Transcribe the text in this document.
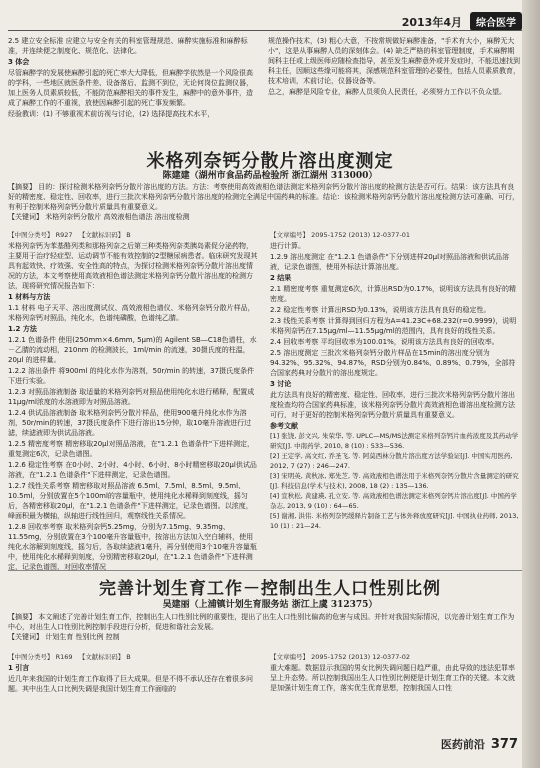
2013年4月	综合医学

2.5 建立安全标准 应建立与安全有关的科室管理规范、麻醉实施标准和麻醉标准，并连续便之制度化、规范化、法律化。

3 体会

尽管麻醉学的发展使麻醉引起的死亡率大大降低，但麻醉学依然是一个风险很高的学科，一些地区就医条件差、设备落后、监测不到位，无论何岗位监测仪器，加上医务人员素质较低，不能防范麻醉相关的事件发生，麻醉中的意外事件，造成了麻醉工作的不重视，放使因麻醉引起的死亡事发频繁。

经验教训：(1) 不够重视术前访视与讨论，(2) 选择提高技术水平，

规范操作技术，(3) 粗心大意，不按常规做好麻醉准备，"手术有大小，麻醉无大小"，这是从事麻醉人员的深刻体会。(4) 缺乏严格的科室管理制度，手术麻醉期间科主任或上级医师应随检查指导，甚至发生麻醉意外或并发症时，不能迅速找到科主任，因顺这些缘可能将其，深感规范科室管理的必要性，包括人员素质教育，技术培训，术前讨论，仪器设备等。

总之，麻醉是风险专业，麻醉人员须负人民责任，必须努力工作以不负众望。

米格列奈钙分散片溶出度测定
陈建建（湖州市食品药品检验所 浙江湖州 313000）

【摘要】 目的：探讨检测米格列奈钙分散片溶出度的方法。方法：考察使用高效液相色谱法测定米格列奈钙分散片溶出度的检测方法是否可行。结果：该方法具有良好的精密度、稳定性、回收率，进行三批次米格列奈钙分散片溶出度的检测完全满足中国药典的标准。结论：该检测米格列奈钙分散片溶出度检测方法可准确、可行，有利于控制米格列奈钙分散片质量具有重要意义。

【关键词】 米格列奈钙分散片 高效液相色谱法 溶出度检测

【中图分类号】 R927 【文献标识码】 B

米格列奈钙为苯基酪列类和那格列奈之后第三种类格列奈类胰岛素促分泌药物，主要用于治疗轻症型、运动调节不能有效控制的2型糖尿病患者。临床研究发现其具有起效快、疗效强、安全性高的特点，为探讨检测米格列奈钙分散片溶出度情况的方法，本文考察使用高效液相色谱法测定米格列奈钙分散片溶出度的检测方法，现将研究情况报告如下：

1 材料与方法

1.1 材料 电子天平、溶出度测试仪、高效液相色谱仪、米格列奈钙分散片样品，米格列奈钙对照品，纯化水，色谱纯磷酸，色谱纯乙腈。

1.2 方法

1.2.1 色谱条件 使用(250mm×4.6mm, 5μm)的 Agilent SB—C18色谱柱，水－乙腈的流动相，210nm 的检测波长，1ml/min 的流速，30摄氏度的柱温，20μl 的进样量。

1.2.2 溶出条件 将900ml 的纯化水作为溶剂，50r/min 的转速，37摄氏度条件下进行实验。

1.2.3 对照品溶液制备 取适量的米格列奈钙对照品使用纯化水进行稀释，配置成11μg/ml浓度的水溶液即为对照品溶液。

1.2.4 供试品溶液制备 取米格列奈钙分散片样品，使用900毫升纯化水作为溶剂，50r/min的转速，37摄氏度条件下进行溶出15分钟，取10毫升溶液进行过滤，续滤液即为供试品溶液。

1.2.5 精密度考察 精密移取20μl对照品溶液，在"1.2.1 色谱条件"下进样测定，重复测定6次，记录色谱图。

1.2.6 稳定性考察 在0小时、2小时、4小时、6小时、8小时精密移取20μl供试品溶液，在"1.2.1 色谱条件"下进样测定，记录色谱图。

1.2.7 线性关系考察 精密移取对照品溶液 6.5ml、7.5ml、8.5ml、9.5ml、10.5ml，分别放置在5个100ml的容量瓶中，使用纯化水稀释到刻度线，摇匀后，各精密移取20μl，在"1.2.1 色谱条件"下进样测定，记录色谱图。以浓度，峰面积最为横轴，纵轴进行线性回归，观察线性关系情况。

1.2.8 回收率考察 取米格列奈钙5.25mg，分别为7.15mg、9.35mg、11.55mg，分别放置在3个100毫升容量瓶中，按溶出方法加入空白辅料，使用纯化水溶解到刻度线，摇匀后，各取续滤液1毫升，再分别使用3个10毫升容量瓶中，使用纯化水稀释到刻度，分别精密移取20μl，在"1.2.1 色谱条件"下进样测定，记录色谱图，对回收率情况

【文章编号】 2095-1752 (2013) 12-0377-01

进行计算。

1.2.9 溶出度测定 在"1.2.1 色谱条件"下分别进样20μl对照品溶液和供试品溶液，记录色谱图，使用外标法计算溶出度。

2 结果

2.1 精密度考察 重复测定6次，计算出RSD为0.17%，说明该方法具有良好的精密度。

2.2 稳定性考察 计算出RSD为0.13%，说明该方法具有良好的稳定性。

2.3 线性关系考察 计算得到回归方程为A=41.23C+68.232(r=0.9999)，说明米格列奈钙在7.15μg/ml—11.55μg/ml的范围内，具有良好的线性关系。

2.4 回收率考察 平均回收率为100.01%，说明该方法具有良好的回收率。

2.5 溶出度测定 三批次米格列奈钙分散片样品在15min的溶出度分别为94.32%、95.32%、94.87%，RSD分别为0.84%、0.89%、0.79%，全部符合国家药典对分散片的溶出度规定。

3 讨论

此方法具有良好的精密度、稳定性、回收率，进行三批次米格列奈钙分散片溶出度检查均符合国家药典标准，该米格列奈钙分散片高效液相色谱溶出度检测方法可行，对于更好的控制米格列奈钙分散片质量具有重要意义。

参考文献

[1] 张饶, 彭文兴, 朱荣华, 等. UPLC—MS/MS法测定米格列奈钙片血药浓度及其药动学研究[J]. 中南药学, 2010, 8 (10) : 533—536.

[2] 王定学, 高文红, 乔圣飞, 等. 阿莫西林分散片溶出度方法学验证[J]. 中国实用医药, 2012, 7 (27) : 246—247.

[3] 宋明英, 黄秋冰, 郑先芝, 等. 高效液相色谱法用于米格列奈钙分散片含量测定的研究[J]. 科技信息(学术与技术), 2008, 18 (2) : 135—136.

[4] 宣秋松, 黄建瑛, 孔立安, 等. 高效液相色谱法测定米格列奈钙片溶出度[J]. 中国药学杂志, 2013, 9 (10) : 64—65.

[5] 谢湘, 洪伟. 米格列奈钙缓释片制备工艺与体外释放度研究[J]. 中国执业药师, 2013, 10 (1) : 21—24.

完善计划生育工作－控制出生人口性别比例
吴建丽（上浦镇计划生育服务站 浙江上虞 312375）

【摘要】 本文阐述了完善计划生育工作，控制出生人口性别比例的重要性，提出了出生人口性别比偏高的危害与成因。并针对我国实际情况，以完善计划生育工作为中心，对出生人口性别比例控制手段进行分析，促进和谐社会发展。

【关键词】 计划生育 性别比例 控制

【中图分类号】 R169 【文献标识码】 B

1 引言

近几年来我国的计划生育工作取得了巨大成果。但是不得不承认还存在着很多问题。其中出生人口比例失调是我国计划生育工作面临的

【文章编号】 2095-1752 (2013) 12-0377-02

重大难题。数据显示我国的男女比例失调问题日趋严重，由此导致的违法犯罪率呈上升态势。所以控制我国出生人口性别比例便是计划生育工作的关键。本文就是加强计划生育工作，落实优生优育思想，控制我国人口性

医药前沿 377
